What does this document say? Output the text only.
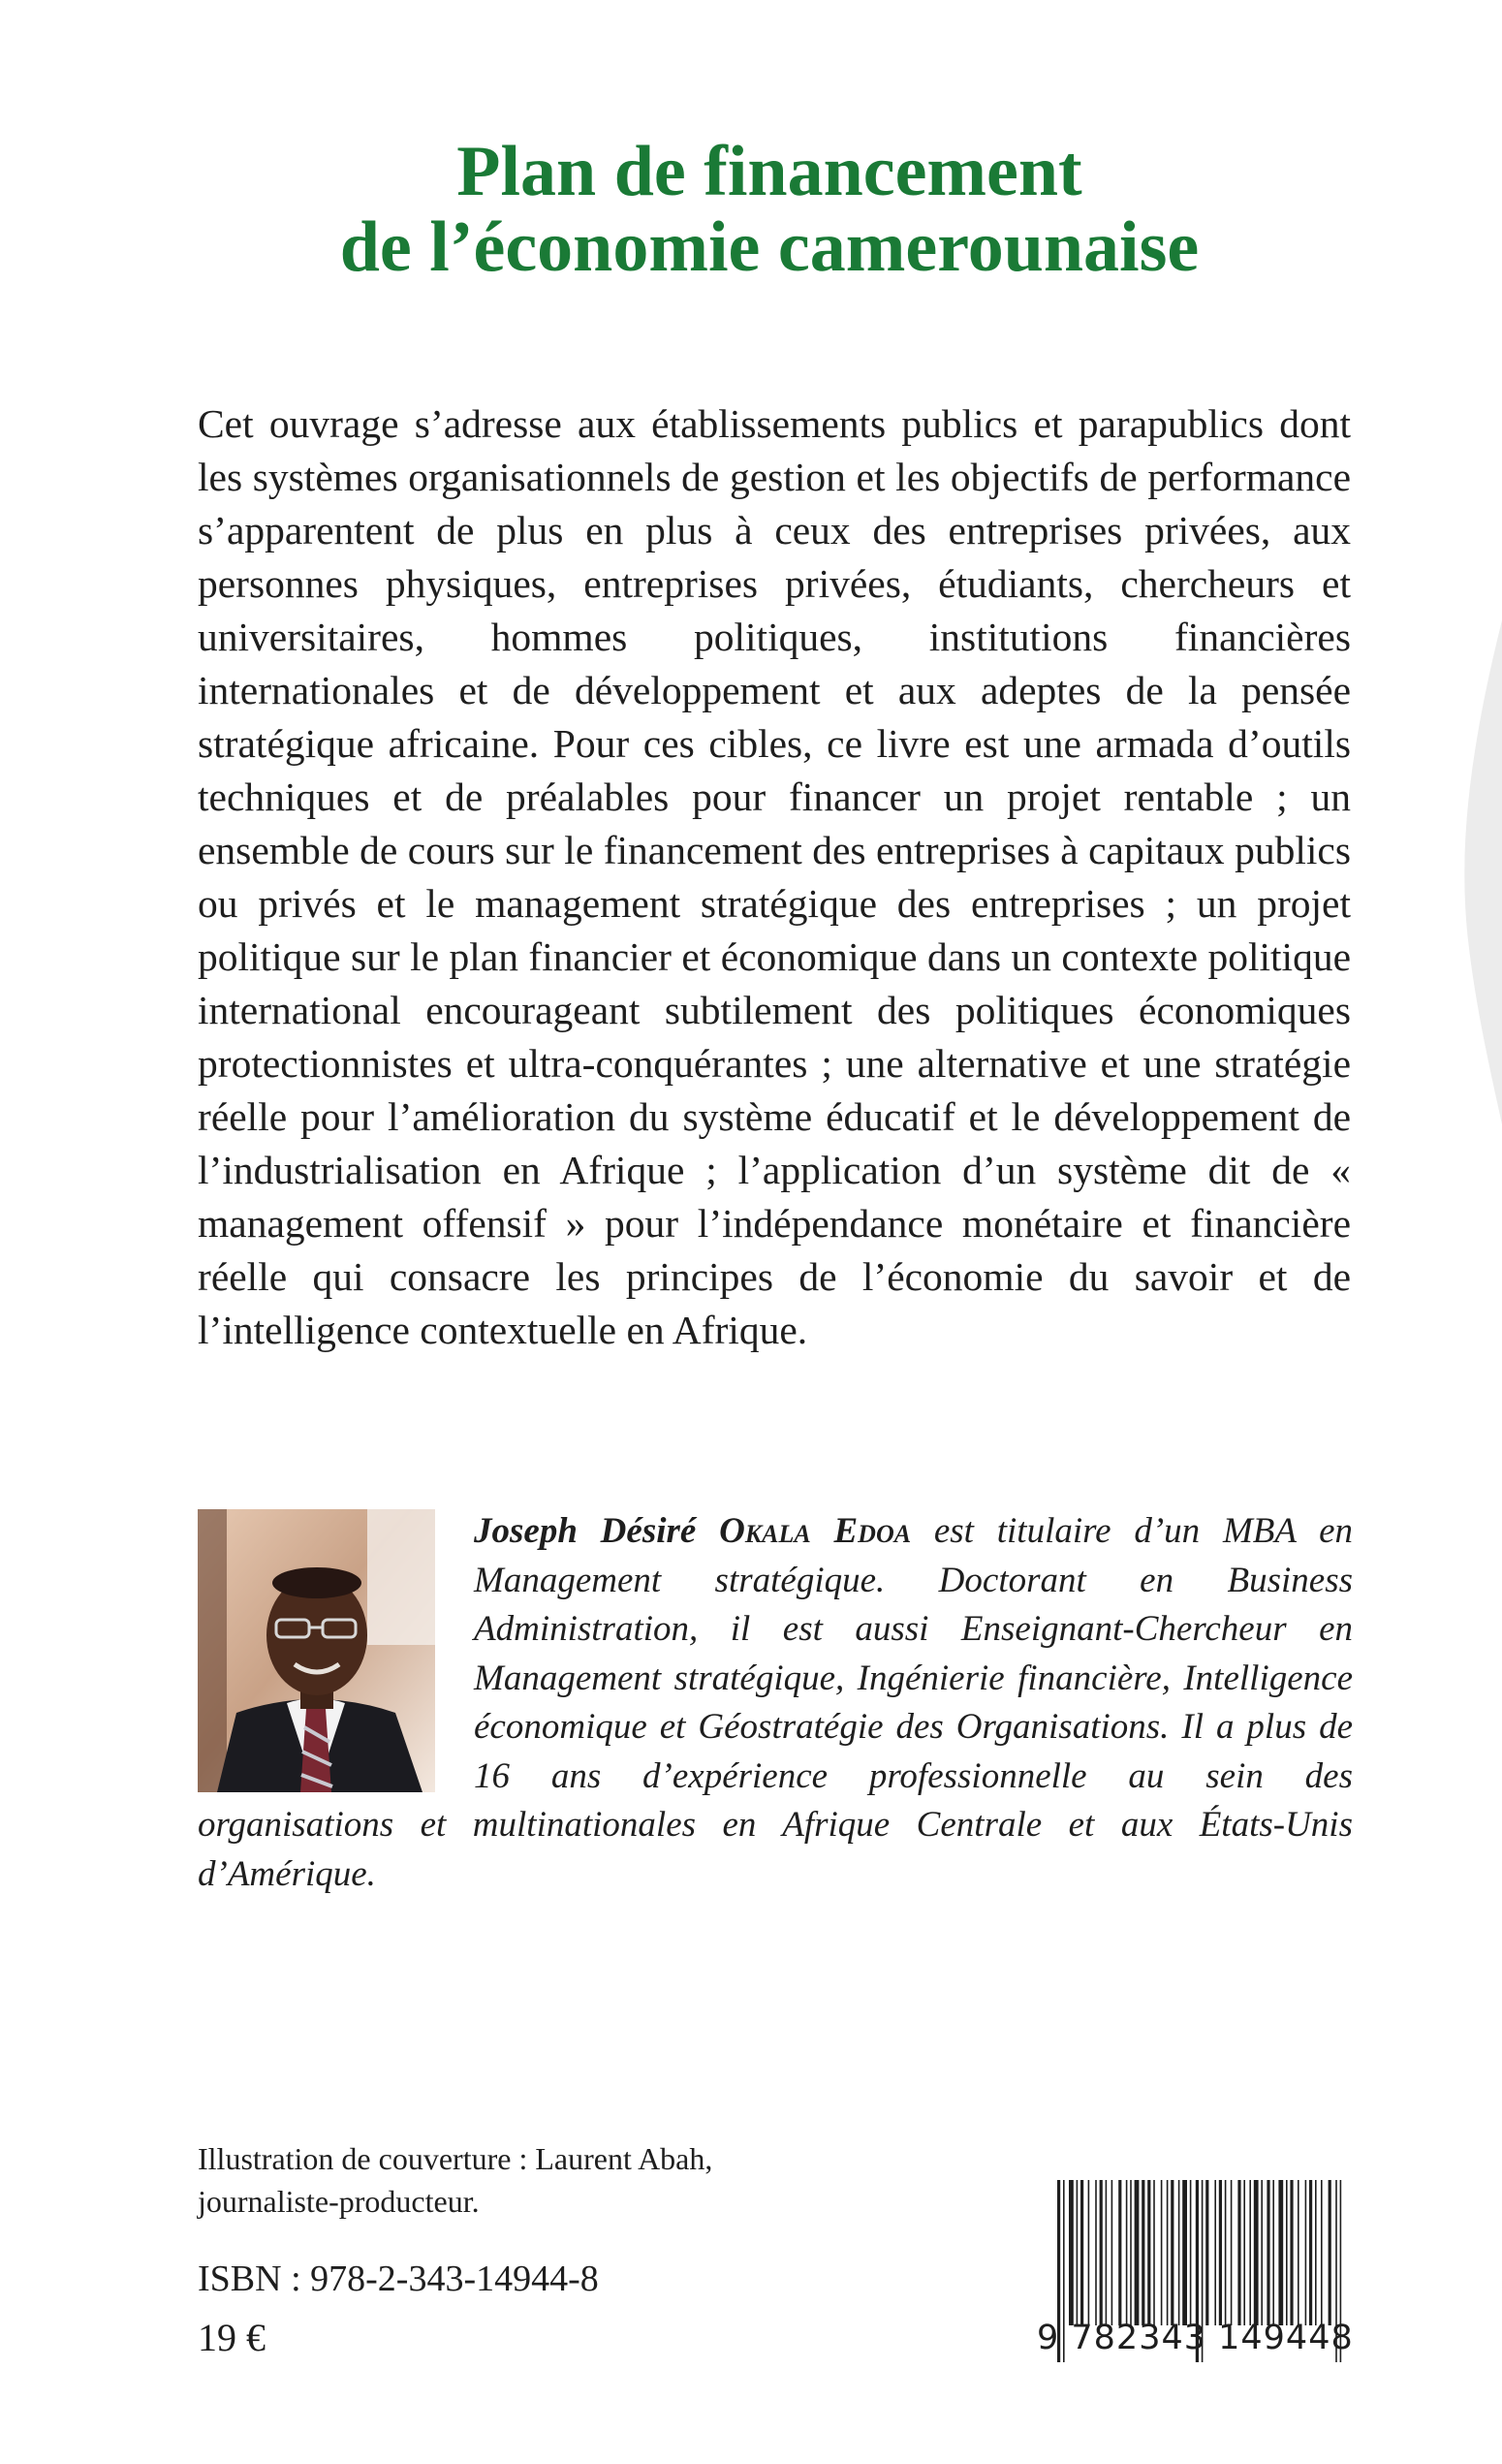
Plan de financement
de l’économie camerounaise

Cet ouvrage s’adresse aux établissements publics et parapublics dont les systèmes organisationnels de gestion et les objectifs de performance s’apparentent de plus en plus à ceux des entreprises privées, aux personnes physiques, entreprises privées, étudiants, chercheurs et universitaires, hommes politiques, institutions financières internationales et de développement et aux adeptes de la pensée stratégique africaine. Pour ces cibles, ce livre est une armada d’outils techniques et de préalables pour financer un projet rentable ; un ensemble de cours sur le financement des entreprises à capitaux publics ou privés et le management stratégique des entreprises ; un projet politique sur le plan financier et économique dans un contexte politique international encourageant subtilement des politiques économiques protectionnistes et ultra-conquérantes ; une alternative et une stratégie réelle pour l’amélioration du système éducatif et le développement de l’industrialisation en Afrique ; l’application d’un système dit de « management offensif » pour l’indépendance monétaire et financière réelle qui consacre les principes de l’économie du savoir et de l’intelligence contextuelle en Afrique.

Joseph Désiré Okala Edoa est titulaire d’un MBA en Management stratégique. Doctorant en Business Administration, il est aussi Enseignant-Chercheur en Management stratégique, Ingénierie financière, Intelligence économique et Géostratégie des Organisations. Il a plus de 16 ans d’expérience professionnelle au sein des organisations et multinationales en Afrique Centrale et aux États-Unis d’Amérique.
Illustration de couverture : Laurent Abah,
journaliste-producteur.
ISBN : 978-2-343-14944-8
19 €	9 782343 149448
